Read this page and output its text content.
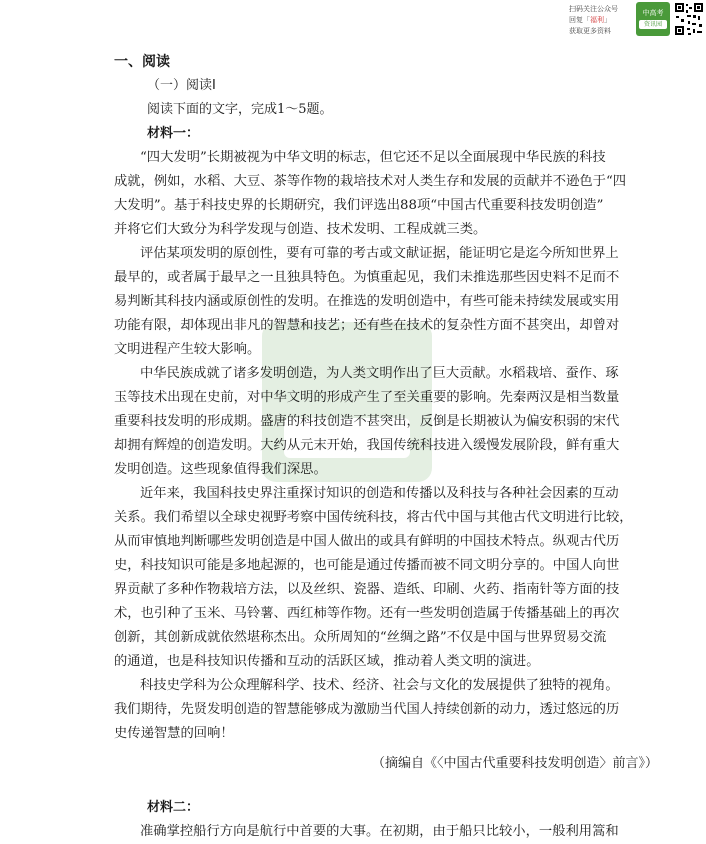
扫码关注公众号
回复「福利」
获取更多资料
中高考
资讯园
一、阅读
（一）阅读Ⅰ
阅读下面的文字，完成1～5题。
材料一：
“四大发明”长期被视为中华文明的标志，但它还不足以全面展现中华民族的科技
成就，例如，水稻、大豆、茶等作物的栽培技术对人类生存和发展的贡献并不逊色于“四
大发明”。基于科技史界的长期研究，我们评选出88项“中国古代重要科技发明创造”
并将它们大致分为科学发现与创造、技术发明、工程成就三类。
评估某项发明的原创性，要有可靠的考古或文献证据，能证明它是迄今所知世界上
最早的，或者属于最早之一且独具特色。为慎重起见，我们未推选那些因史料不足而不
易判断其科技内涵或原创性的发明。在推选的发明创造中，有些可能未持续发展或实用
功能有限，却体现出非凡的智慧和技艺；还有些在技术的复杂性方面不甚突出，却曾对
文明进程产生较大影响。
中华民族成就了诸多发明创造，为人类文明作出了巨大贡献。水稻栽培、蚕作、琢
玉等技术出现在史前，对中华文明的形成产生了至关重要的影响。先秦两汉是相当数量
重要科技发明的形成期。盛唐的科技创造不甚突出，反倒是长期被认为偏安积弱的宋代
却拥有辉煌的创造发明。大约从元末开始，我国传统科技进入缓慢发展阶段，鲜有重大
发明创造。这些现象值得我们深思。
近年来，我国科技史界注重探讨知识的创造和传播以及科技与各种社会因素的互动
关系。我们希望以全球史视野考察中国传统科技，将古代中国与其他古代文明进行比较，
从而审慎地判断哪些发明创造是中国人做出的或具有鲜明的中国技术特点。纵观古代历
史，科技知识可能是多地起源的，也可能是通过传播而被不同文明分享的。中国人向世
界贡献了多种作物栽培方法，以及丝织、瓷器、造纸、印刷、火药、指南针等方面的技
术，也引种了玉米、马铃薯、西红柿等作物。还有一些发明创造属于传播基础上的再次
创新，其创新成就依然堪称杰出。众所周知的“丝绸之路”不仅是中国与世界贸易交流
的通道，也是科技知识传播和互动的活跃区域，推动着人类文明的演进。
科技史学科为公众理解科学、技术、经济、社会与文化的发展提供了独特的视角。
我们期待，先贤发明创造的智慧能够成为激励当代国人持续创新的动力，透过悠远的历
史传递智慧的回响！
（摘编自《〈中国古代重要科技发明创造〉前言》）
材料二：
准确掌控船行方向是航行中首要的大事。在初期，由于船只比较小，一般利用篙和
